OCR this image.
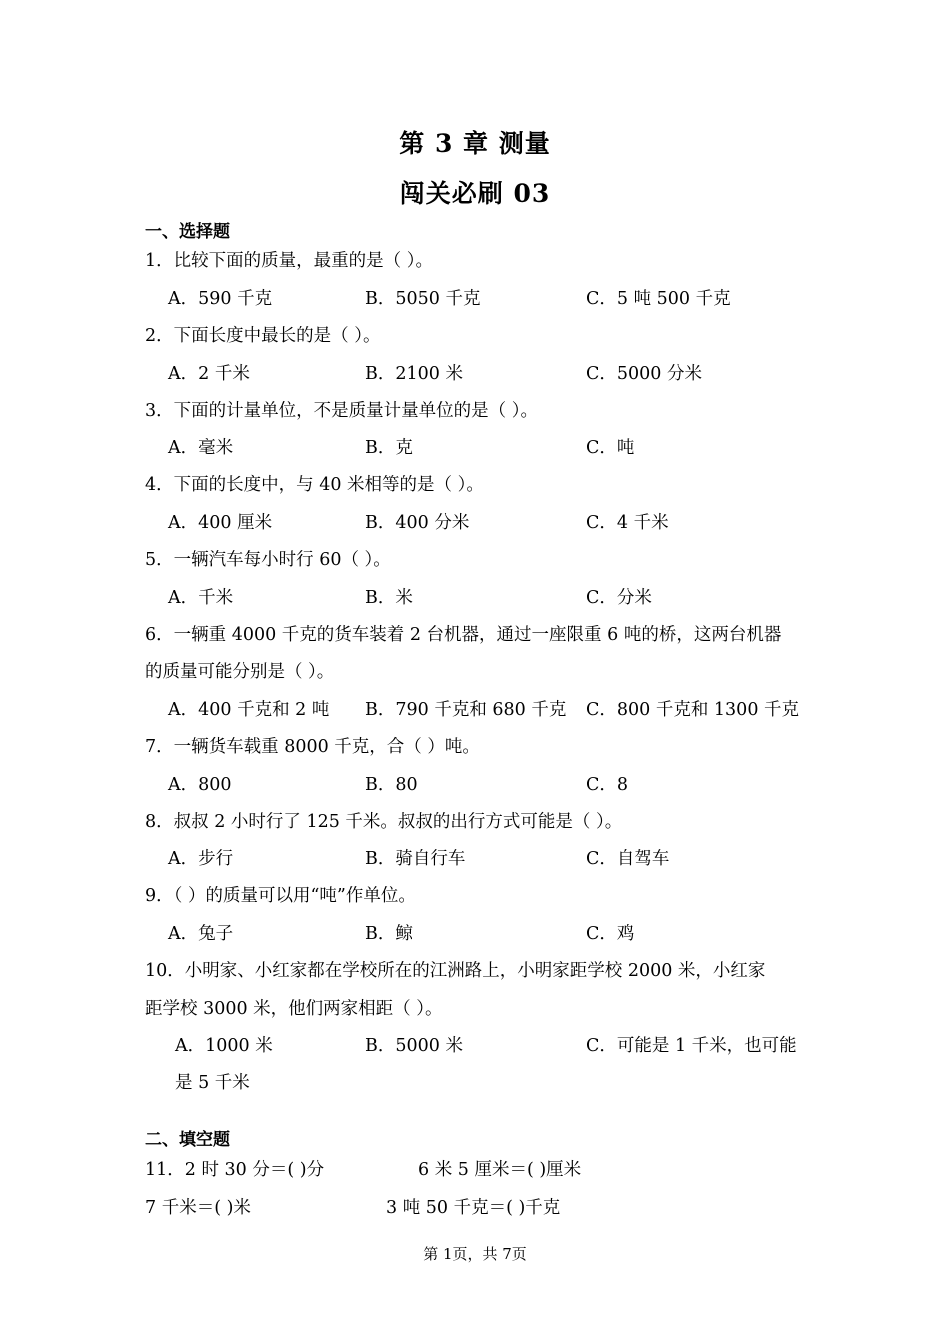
第 3 章 测量
闯关必刷 03
一、选择题
1．比较下面的质量，最重的是（ ）。
A．590 千克	B．5050 千克	C．5 吨 500 千克
2．下面长度中最长的是（ ）。
A．2 千米	B．2100 米	C．5000 分米
3．下面的计量单位，不是质量计量单位的是（ ）。
A．毫米	B．克	C．吨
4．下面的长度中，与 40 米相等的是（ ）。
A．400 厘米	B．400 分米	C．4 千米
5．一辆汽车每小时行 60（ ）。
A．千米	B．米	C．分米
6．一辆重 4000 千克的货车装着 2 台机器，通过一座限重 6 吨的桥，这两台机器
的质量可能分别是（ ）。
A．400 千克和 2 吨 B．790 千克和 680 千克 C．800 千克和 1300 千克
7．一辆货车载重 8000 千克，合（ ）吨。
A．800	B．80	C．8
8．叔叔 2 小时行了 125 千米。叔叔的出行方式可能是（ ）。
A．步行	B．骑自行车	C．自驾车
9．（ ）的质量可以用“吨”作单位。
A．兔子	B．鲸	C．鸡
10．小明家、小红家都在学校所在的江洲路上，小明家距学校 2000 米，小红家
距学校 3000 米，他们两家相距（ ）。
A．1000 米	B．5000 米	C．可能是 1 千米，也可能
是 5 千米
二、填空题
11．2 时 30 分＝( )分	6 米 5 厘米＝( )厘米
7 千米＝( )米	3 吨 50 千克＝( )千克
第 1页，共 7页
